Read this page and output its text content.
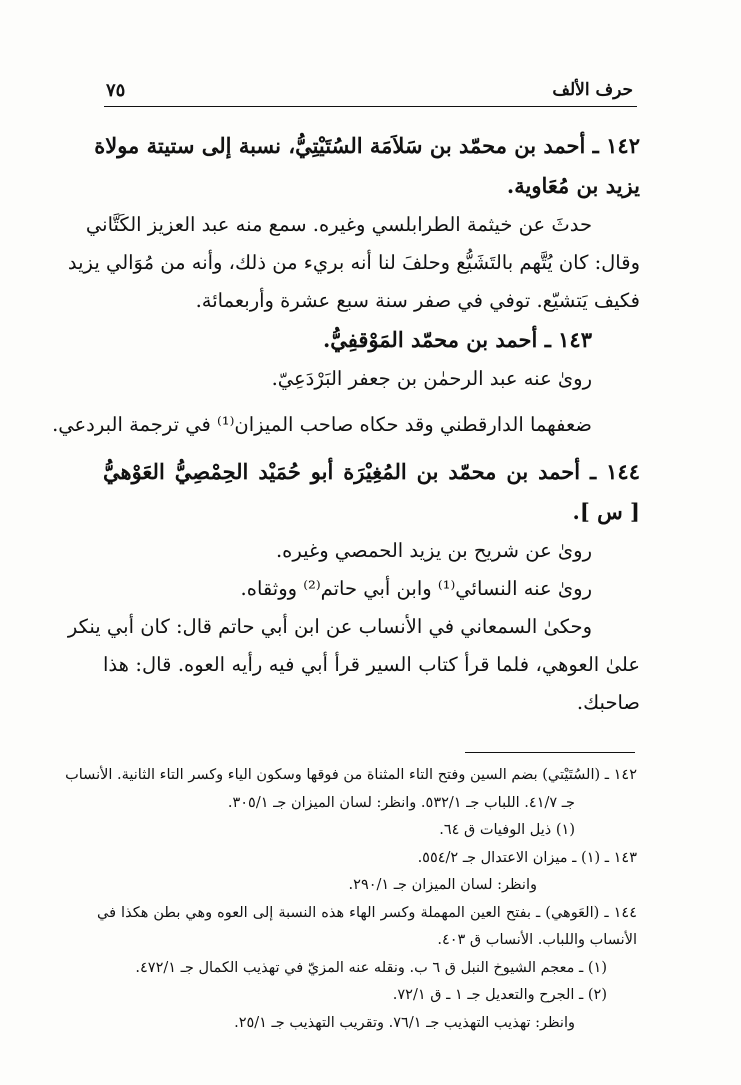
حرف الألف
٧٥
١٤٢ ـ أحمد بن محمّد بن سَلاَمَة السُتَيْتِيُّ، نسبة إلى ستيتة مولاة
يزيد بن مُعَاوية.
حدثَ عن خيثمة الطرابلسي وغيره. سمع منه عبد العزيز الكَتَّاني
وقال: كان يُتَّهم بالتَشَيُّع وحلفَ لنا أنه بريء من ذلك، وأنه من مُوَالي يزيد
فكيف يَتشيّع. توفي في صفر سنة سبع عشرة وأربعمائة.
١٤٣ ـ أحمد بن محمّد المَوْقفِيُّ.
روىٰ عنه عبد الرحمٰن بن جعفر البَرْدَعِيّ.
ضعفهما الدارقطني وقد حكاه صاحب الميزان⁽¹⁾ في ترجمة البردعي.
١٤٤ ـ أحمد بن محمّد بن المُغِيْرَة أبو حُمَيْد الحِمْصِيُّ العَوْهيُّ
[ س ].
روىٰ عن شريح بن يزيد الحمصي وغيره.
روىٰ عنه النسائي⁽¹⁾ وابن أبي حاتم⁽²⁾ ووثقاه.
وحكىٰ السمعاني في الأنساب عن ابن أبي حاتم قال: كان أبي ينكر
علىٰ العوهي، فلما قرأ كتاب السير قرأ أبي فيه رأيه العوه. قال: هذا
صاحبك.
١٤٢ ـ (السُتَيْتي) بضم السين وفتح التاء المثناة من فوقها وسكون الياء وكسر التاء الثانية. الأنساب
جـ ٤١/٧. اللباب جـ ٥٣٢/١. وانظر: لسان الميزان جـ ٣٠٥/١.
(١) ذيل الوفيات ق ٦٤.
١٤٣ ـ (١) ـ ميزان الاعتدال جـ ٥٥٤/٢.
وانظر: لسان الميزان جـ ٢٩٠/١.
١٤٤ ـ (العَوهي) ـ بفتح العين المهملة وكسر الهاء هذه النسبة إلى العوه وهي بطن هكذا في
الأنساب واللباب. الأنساب ق ٤٠٣.
(١) ـ معجم الشيوخ النبل ق ٦ ب. ونقله عنه المزيّ في تهذيب الكمال جـ ٤٧٢/١.
(٢) ـ الجرح والتعديل جـ ١ ـ ق ٧٢/١.
وانظر: تهذيب التهذيب جـ ٧٦/١. وتقريب التهذيب جـ ٢٥/١.
